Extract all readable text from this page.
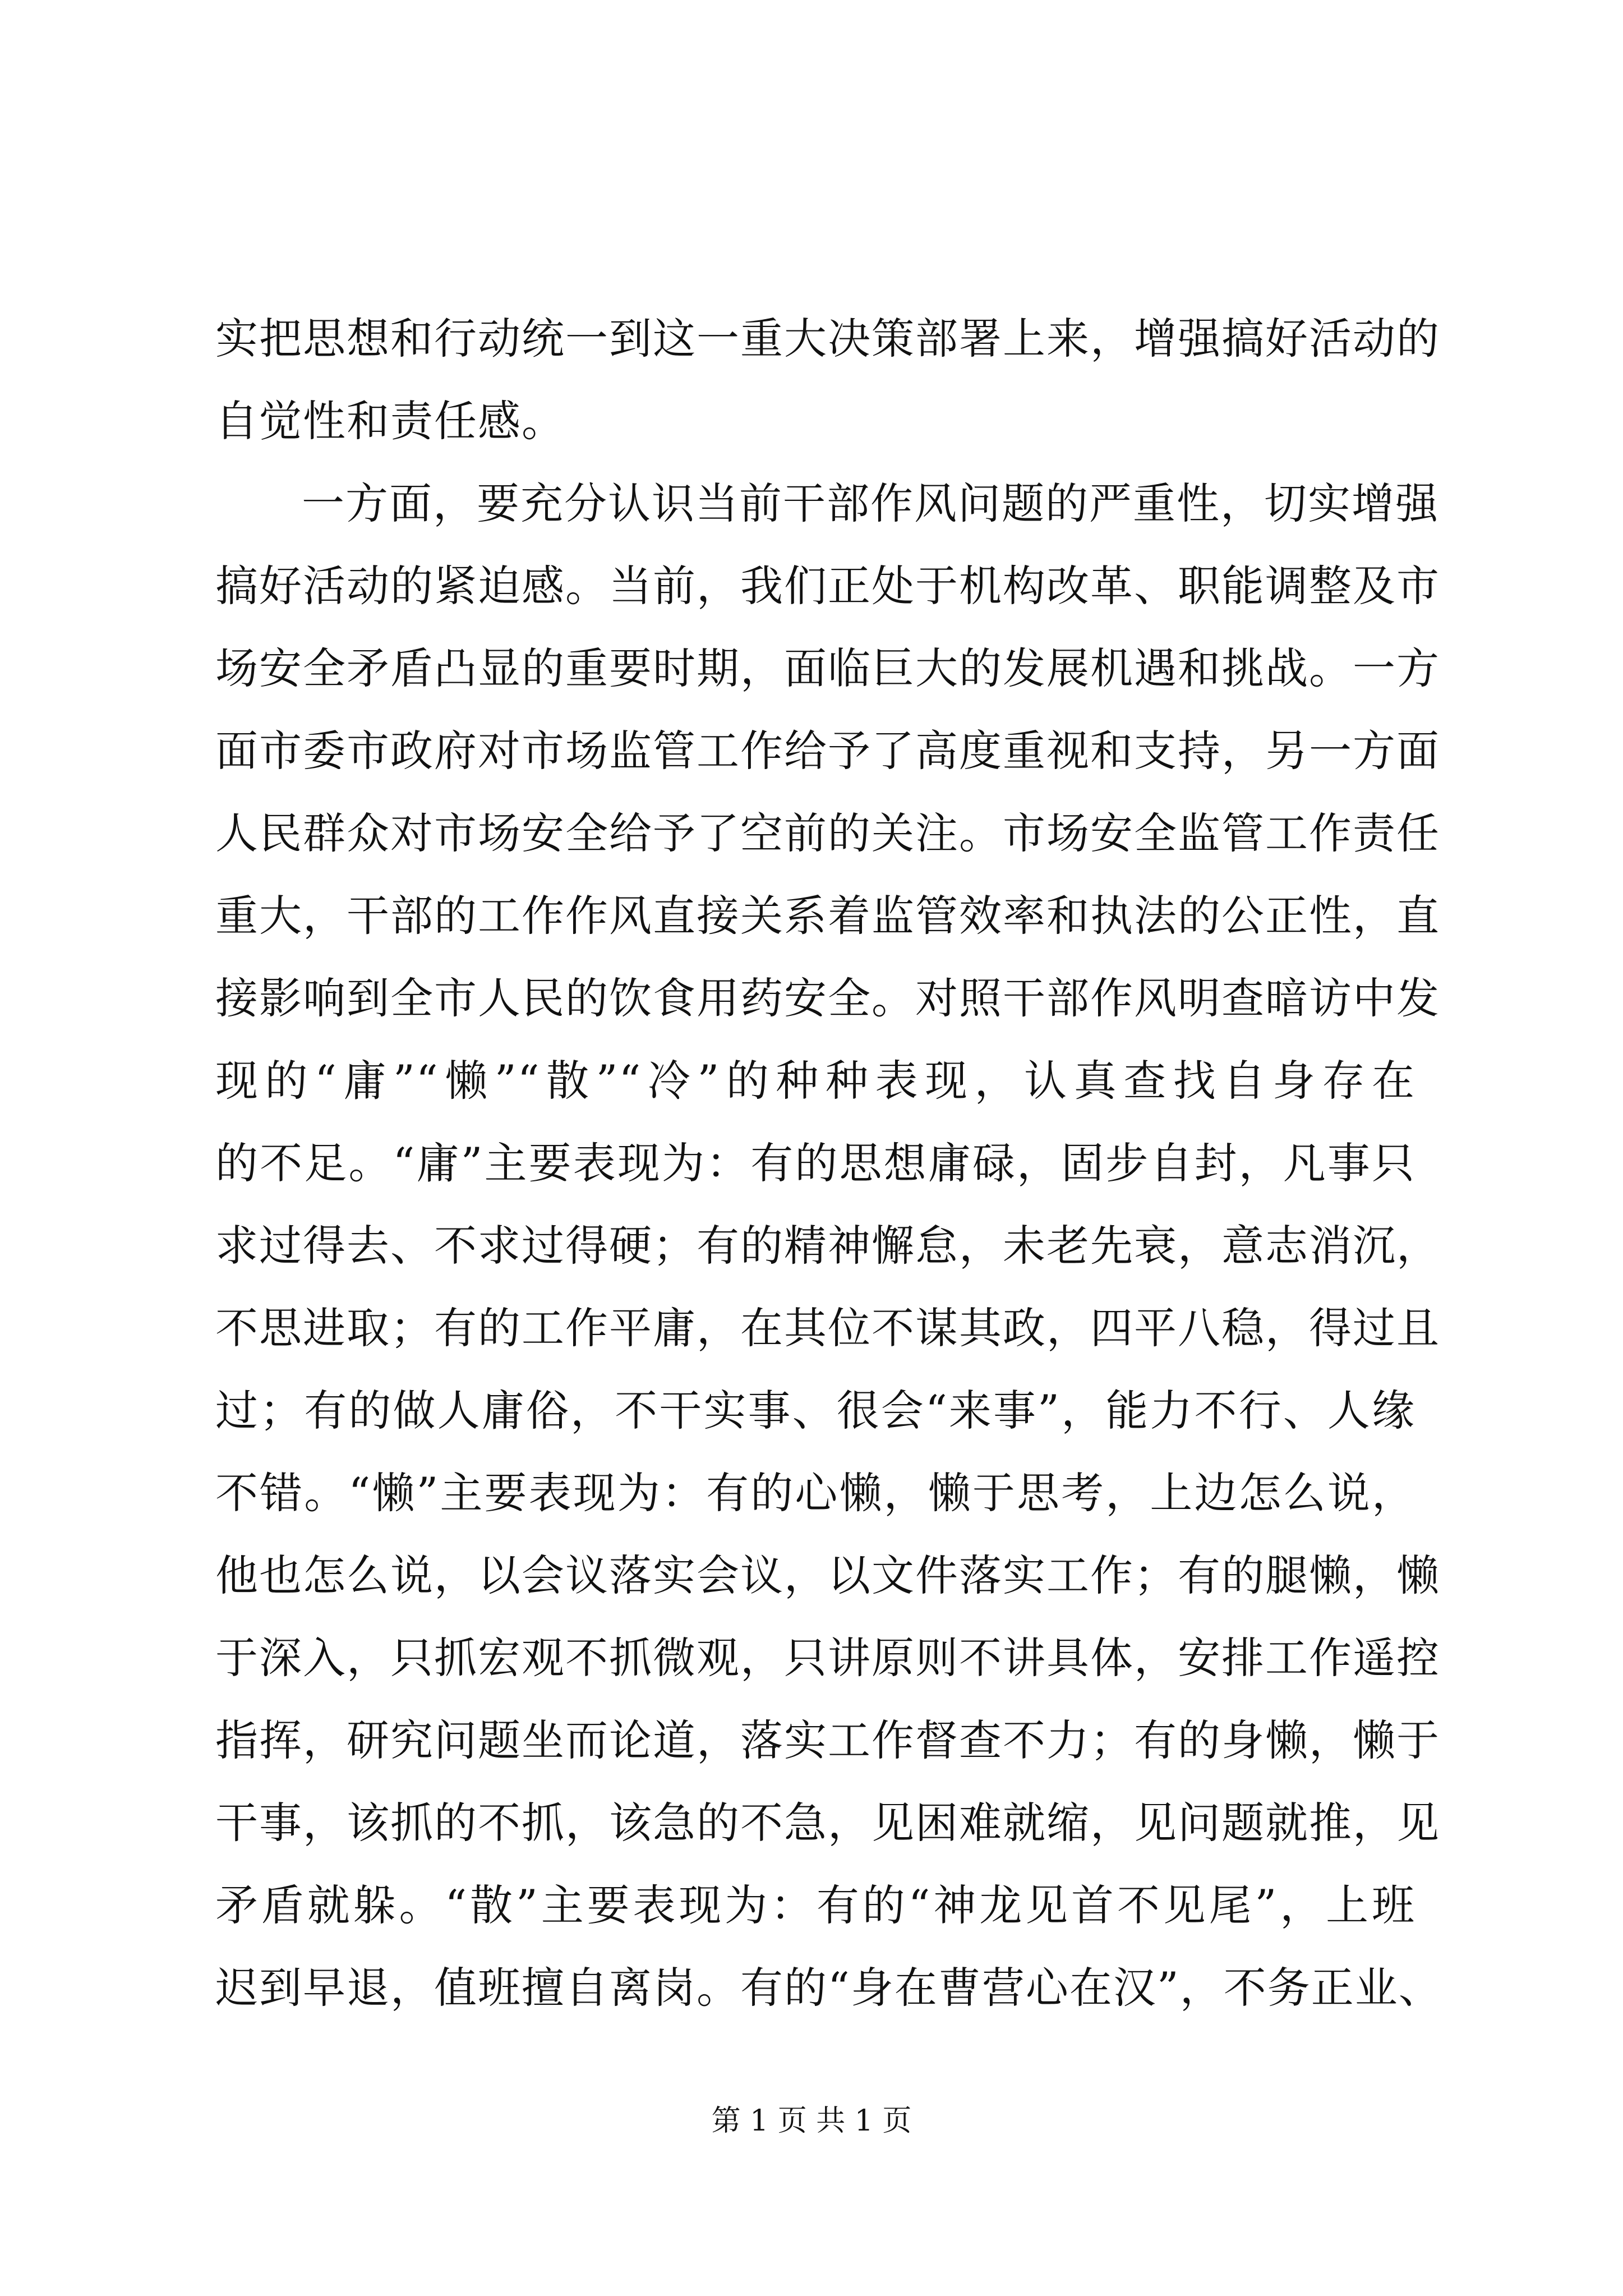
实把思想和行动统一到这一重大决策部署上来，增强搞好活动的
自觉性和责任感。
一方面，要充分认识当前干部作风问题的严重性，切实增强
搞好活动的紧迫感。当前，我们正处于机构改革、职能调整及市
场安全矛盾凸显的重要时期，面临巨大的发展机遇和挑战。一方
面市委市政府对市场监管工作给予了高度重视和支持，另一方面
人民群众对市场安全给予了空前的关注。市场安全监管工作责任
重大，干部的工作作风直接关系着监管效率和执法的公正性，直
接影响到全市人民的饮食用药安全。对照干部作风明查暗访中发
现的“庸”“懒”“散”“冷”的种种表现，认真查找自身存在
的不足。“庸”主要表现为：有的思想庸碌，固步自封，凡事只
求过得去、不求过得硬；有的精神懈怠，未老先衰，意志消沉，
不思进取；有的工作平庸，在其位不谋其政，四平八稳，得过且
过；有的做人庸俗，不干实事、很会“来事”，能力不行、人缘
不错。“懒”主要表现为：有的心懒，懒于思考，上边怎么说，
他也怎么说，以会议落实会议，以文件落实工作；有的腿懒，懒
于深入，只抓宏观不抓微观，只讲原则不讲具体，安排工作遥控
指挥，研究问题坐而论道，落实工作督查不力；有的身懒，懒于
干事，该抓的不抓，该急的不急，见困难就缩，见问题就推，见
矛盾就躲。“散”主要表现为：有的“神龙见首不见尾”，上班
迟到早退，值班擅自离岗。有的“身在曹营心在汉”，不务正业、
第 1 页 共 1 页
